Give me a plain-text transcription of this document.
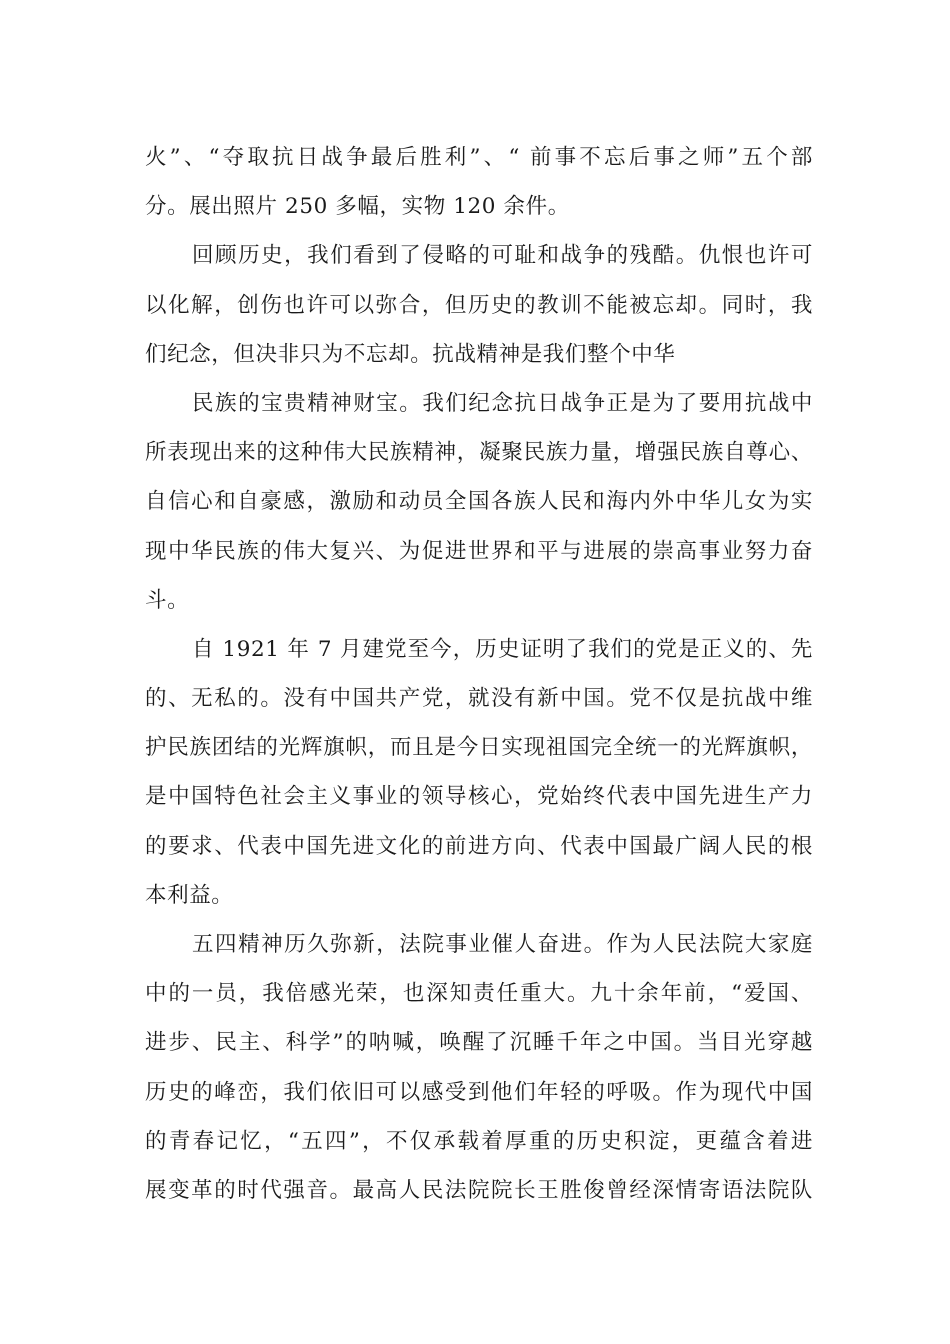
火”、“夺取抗日战争最后胜利”、“ 前事不忘后事之师”五个部
分。展出照片 250 多幅，实物 120 余件。
回顾历史，我们看到了侵略的可耻和战争的残酷。仇恨也许可
以化解，创伤也许可以弥合，但历史的教训不能被忘却。同时，我
们纪念，但决非只为不忘却。抗战精神是我们整个中华
民族的宝贵精神财宝。我们纪念抗日战争正是为了要用抗战中
所表现出来的这种伟大民族精神，凝聚民族力量，增强民族自尊心、
自信心和自豪感，激励和动员全国各族人民和海内外中华儿女为实
现中华民族的伟大复兴、为促进世界和平与进展的崇高事业努力奋
斗。
自 1921 年 7 月建党至今，历史证明了我们的党是正义的、先
的、无私的。没有中国共产党，就没有新中国。党不仅是抗战中维
护民族团结的光辉旗帜，而且是今日实现祖国完全统一的光辉旗帜，
是中国特色社会主义事业的领导核心，党始终代表中国先进生产力
的要求、代表中国先进文化的前进方向、代表中国最广阔人民的根
本利益。
五四精神历久弥新，法院事业催人奋进。作为人民法院大家庭
中的一员，我倍感光荣，也深知责任重大。九十余年前，“爱国、
进步、民主、科学”的呐喊，唤醒了沉睡千年之中国。当目光穿越
历史的峰峦，我们依旧可以感受到他们年轻的呼吸。作为现代中国
的青春记忆，“五四”，不仅承载着厚重的历史积淀，更蕴含着进
展变革的时代强音。最高人民法院院长王胜俊曾经深情寄语法院队
